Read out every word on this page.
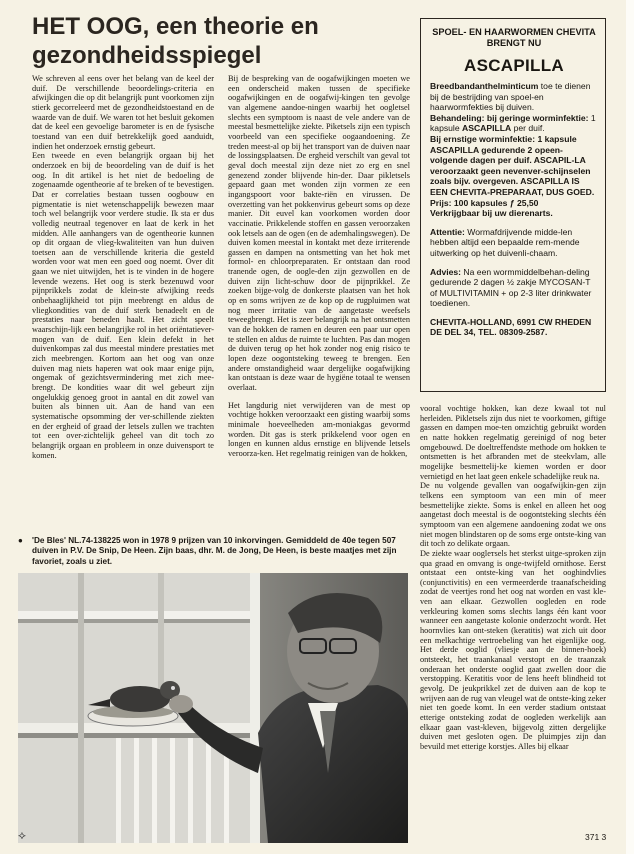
HET OOG, een theorie en gezondheidsspiegel

We schreven al eens over het belang van de keel der duif. De verschillende beoordelings-criteria en afwijkingen die op dit belangrijk punt voorkomen zijn stierk gecorreleerd met de gezondheidstoestand en de waarde van de duif. We waren tot het besluit gekomen dat de keel een gevoelige barometer is en de fysische toestand van een duif betrekkelijk goed aanduidt, indien het onderzoek ernstig gebeurt.

Een tweede en even belangrijk orgaan bij het onderzoek en bij de beoordeling van de duif is het oog. In dit artikel is het niet de bedoeling de zogenaamde ogentheorie af te breken of te bevestigen. Dat er correlaties bestaan tussen oogbouw en pigmentatie is niet wetenschappelijk bewezen maar toch wel belangrijk voor verdere studie. Ik sta er dus volledig neutraal tegenover en laat de kerk in het midden. Alle aanhangers van de ogentheorie kunnen op dit orgaan de vlieg-kwaliteiten van hun duiven toetsen aan de verschillende kriteria die gesteld worden voor wat men een goed oog noemt. Over dit gaan we niet uitwijden, het is te vinden in de hogere levende wezens. Het oog is sterk bezenuwd voor pijnprikkels zodat de klein-ste afwijking reeds onbehaaglijkheid tot pijn meebrengt en aldus de vliegkondities van de duif sterk benadeelt en de prestaties naar beneden haalt. Het zicht speelt waarschijn-lijk een belangrijke rol in het oriëntatiever-mogen van de duif. Een klein defekt in het duivenkompas zal dus meestal mindere prestaties met zich meebrengen. Kortom aan het oog van onze duiven mag niets haperen wat ook maar enige pijn, ongemak of gezichtsvermindering met zich mee-brengt. De kondities waar dit wel gebeurt zijn ongelukkig genoeg groot in aantal en dit zowel van buiten als binnen uit. Aan de hand van een systematische opsomming der ver-schillende ziekten en der ergheid of graad der letsels zullen we trachten tot een over-zichtelijk geheel van dit toch zo belangrijk orgaan en probleem in onze duivensport te komen.

Bij de bespreking van de oogafwijkingen moeten we een onderscheid maken tussen de specifieke oogafwijkingen en de oogafwij-kingen ten gevolge van algemene aandoe-ningen waarbij het oogletsel slechts een symptoom is naast de vele andere van de meestal besmettelijke ziekte. Piketsels zijn een typisch voorbeeld van een specifieke oogaandoening. Ze treden meest-al op bij het transport van de duiven naar de lossingsplaatsen. De ergheid verschilt van geval tot geval doch meestal zijn deze niet zo erg en snel genezend zonder blijvende hin-der. Daar pikletsels gepaard gaan met wonden zijn vormen ze een ingangspoort voor bakte-riën en virussen. De overzetting van het pokkenvirus gebeurt soms op deze manier. Dit euvel kan voorkomen worden door vaccinatie. Prikkelende stoffen en gassen veroorzaken ook letsels aan de ogen (en de ademhalingswegen). De duiven komen meestal in kontakt met deze irriterende gassen en dampen na ontsmetting van het hok met formol- en chloorpreparaten. Er ontstaan dan rood tranende ogen, de oogle-den zijn gezwollen en de duiven zijn licht-schuw door de pijnprikkel. Ze zoeken bijge-volg de donkerste plaatsen van het hok op en soms wrijven ze de kop op de rugpluimen wat nog meer irritatie van de aangetaste weefsels teweegbrengt. Het is zeer belangrijk na het ontsmetten van de hokken de ramen en deuren een paar uur open te stellen en aldus de ruimte te luchten. Pas dan mogen de duiven terug op het hok zonder nog enig risico te lopen deze oogontsteking teweeg te brengen. Een andere omstandigheid waar dergelijke oogafwijking kan ontstaan is deze waar de hygiëne totaal te wensen overlaat.

Het langdurig niet verwijderen van de mest op vochtige hokken veroorzaakt een gisting waarbij soms minimale hoeveelheden am-moniakgas gevormd worden. Dit gas is sterk prikkelend voor ogen en longen en kunnen aldus ernstige en blijvende letsels veroorza-ken. Het regelmatig reinigen van de hokken,

SPOEL- EN HAARWORMEN CHEVITA BRENGT NU
ASCAPILLA

Breedbandanthelminticum toe te dienen bij de bestrijding van spoel-en haarwormfekties bij duiven.

Behandeling: bij geringe worminfektie: 1 kapsule ASCAPILLA per duif.

Bij ernstige worminfektie: 1 kapsule ASCAPILLA gedurende 2 opeen-volgende dagen per duif. ASCAPIL-LA veroorzaakt geen nevenver-schijnselen zoals bijv. overgeven. ASCAPILLA IS EEN CHEVITA-PREPARAAT, DUS GOED.

Prijs: 100 kapsules ƒ 25,50

Verkrijgbaar bij uw dierenarts.

Attentie: Wormafdrijvende midde-len hebben altijd een bepaalde rem-mende uitwerking op het duivenli-chaam.

Advies: Na een wormmiddelbehan-deling gedurende 2 dagen ½ zakje MYCOSAN-T of MULTIVITAMIN + op 2-3 liter drinkwater toedienen.

CHEVITA-HOLLAND, 6991 CW RHEDEN

DE DEL 34, TEL. 08309-2587.

vooral vochtige hokken, kan deze kwaal tot nul herleiden. Pikletsels zijn dus niet te voorkomen, giftige gassen en dampen moe-ten omzichtig gebruikt worden en natte hokken regelmatig gereinigd of nog beter omgebouwd. De doeltreffendste methode om hokken te ontsmetten is het afbranden met de steekvlam, alle mogelijke besmettelij-ke kiemen worden er door vernietigd en het laat geen enkele schadelijke reuk na.

De nu volgende gevallen van oogafwijkin-gen zijn telkens een symptoom van een min of meer besmettelijke ziekte. Soms is enkel en alleen het oog aangetast doch meestal is de oogontsteking slechts één symptoom van een algemene aandoening zodat we ons niet mogen blindstaren op de soms erge ontste-king van dit toch zo delikate orgaan.

De ziekte waar ooglетsels het sterkst uitge-sproken zijn qua graad en omvang is onge-twijfeld ornithose. Eerst ontstaat een ontste-king van het ooghindvlies (conjunctivitis) en een vermeerderde traanafscheiding zodat de veertjes rond het oog nat worden en vast kle-ven aan elkaar. Gezwollen oogleden en rode verkleuring komen soms slechts langs één kant voor wanneer een aangetaste kolonie onderzocht wordt. Het hoornvlies kan ont-steken (keratitis) wat zich uit door een melkachtige vertroebeling van het eigenlijke oog. Het derde ooglid (vliesje aan de binnen-hoek) ontsteekt, het traankanaal verstopt en de traanzak onderaan het onderste ooglid gaat zwellen door die verstopping. Keratitis voor de lens heeft blindheid tot gevolg. De jeukprikkel zet de duiven aan de kop te wrijven aan de rug van vleugel wat de ontste-king zeker niet ten goede komt. In een verder stadium ontstaat etterige ontsteking zodat de oogleden werkelijk aan elkaar gaan vast-kleven, bijgevolg zitten dergelijke duiven met gesloten ogen. De pluimpjes zijn dan bevuild met etterige korstjes. Alles bij elkaar

● 'De Bles' NL.74-138225 won in 1978 9 prijzen van 10 inkorvingen. Gemiddeld de 40e tegen 507 duiven in P.V. De Snip, De Heen. Zijn baas, dhr. M. de Jong, De Heen, is beste maatjes met zijn favoriet, zoals u ziet.
⟡	371 3
